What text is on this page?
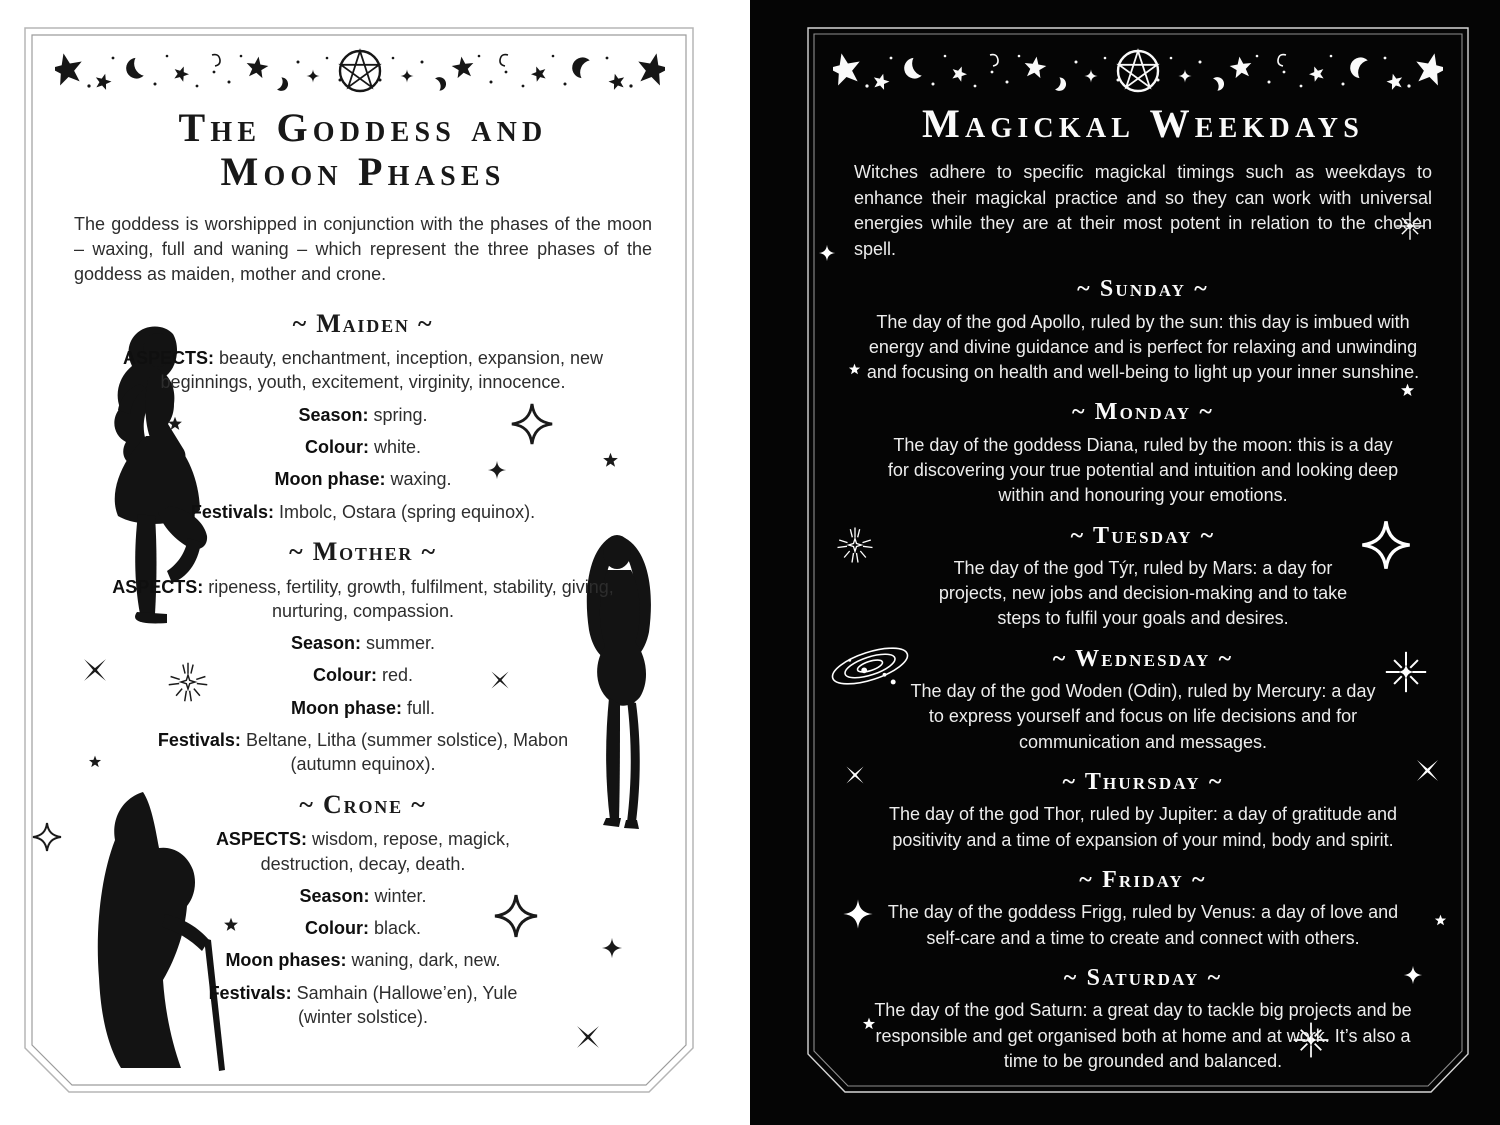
The Goddess and
Moon Phases

The goddess is worshipped in conjunction with the phases of the moon – waxing, full and waning – which represent the three phases of the goddess as maiden, mother and crone.

~ Maiden ~

ASPECTS: beauty, enchantment, inception, expansion, new beginnings, youth, excitement, virginity, innocence.

Season: spring.

Colour: white.

Moon phase: waxing.

Festivals: Imbolc, Ostara (spring equinox).

~ Mother ~

ASPECTS: ripeness, fertility, growth, fulfilment, stability, giving, nurturing, compassion.

Season: summer.

Colour: red.

Moon phase: full.

Festivals: Beltane, Litha (summer solstice), Mabon (autumn equinox).

~ Crone ~

ASPECTS: wisdom, repose, magick, destruction, decay, death.

Season: winter.

Colour: black.

Moon phases: waning, dark, new.

Festivals: Samhain (Hallowe’en), Yule (winter solstice).

Magickal Weekdays

Witches adhere to specific magickal timings such as weekdays to enhance their magickal practice and so they can work with universal energies while they are at their most potent in relation to the chosen spell.

~ Sunday ~

The day of the god Apollo, ruled by the sun: this day is imbued with energy and divine guidance and is perfect for relaxing and unwinding and focusing on health and well-being to light up your inner sunshine.

~ Monday ~

The day of the goddess Diana, ruled by the moon: this is a day for discovering your true potential and intuition and looking deep within and honouring your emotions.

~ Tuesday ~

The day of the god Týr, ruled by Mars: a day for projects, new jobs and decision-making and to take steps to fulfil your goals and desires.

~ Wednesday ~

The day of the god Woden (Odin), ruled by Mercury: a day to express yourself and focus on life decisions and for communication and messages.

~ Thursday ~

The day of the god Thor, ruled by Jupiter: a day of gratitude and positivity and a time of expansion of your mind, body and spirit.

~ Friday ~

The day of the goddess Frigg, ruled by Venus: a day of love and self-care and a time to create and connect with others.

~ Saturday ~

The day of the god Saturn: a great day to tackle big projects and be responsible and get organised both at home and at work. It’s also a time to be grounded and balanced.
